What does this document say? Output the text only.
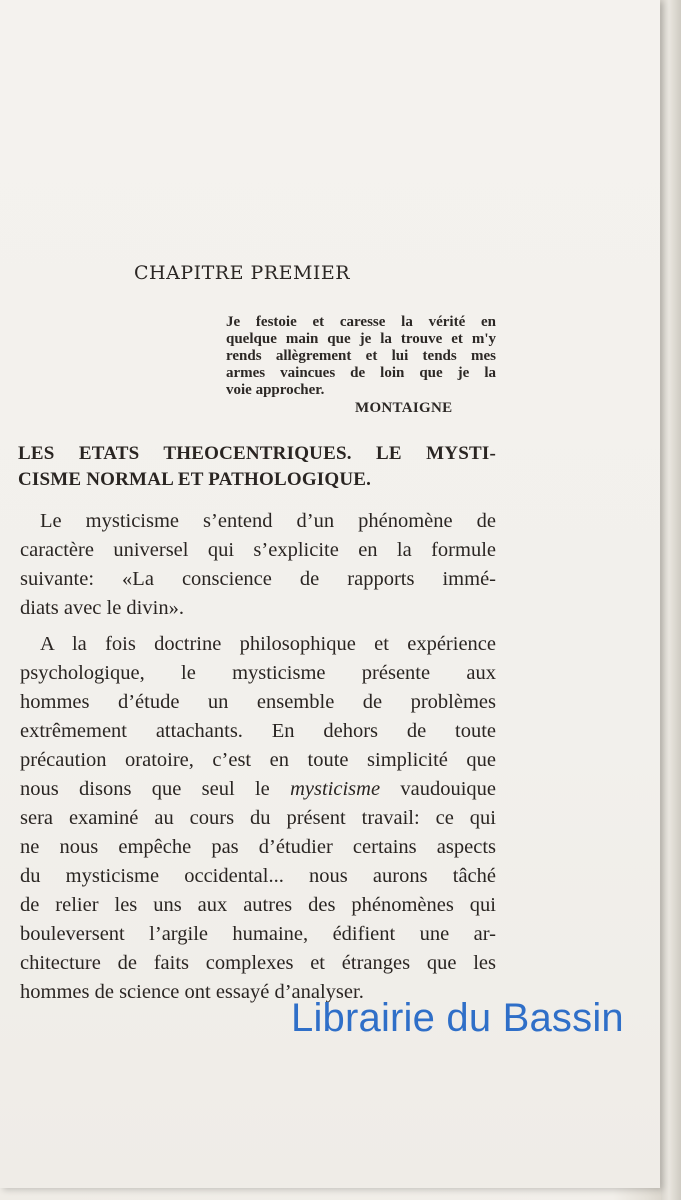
CHAPITRE PREMIER
Je festoie et caresse la vérité en
quelque main que je la trouve et m'y
rends allègrement et lui tends mes
armes vaincues de loin que je la
voie approcher.
MONTAIGNE
LES ETATS THEOCENTRIQUES. LE MYSTI-
CISME NORMAL ET PATHOLOGIQUE.
Le mysticisme s’entend d’un phénomène de
caractère universel qui s’explicite en la formule
suivante: «La conscience de rapports immé-
diats avec le divin».
A la fois doctrine philosophique et expérience
psychologique, le mysticisme présente aux
hommes d’étude un ensemble de problèmes
extrêmement attachants. En dehors de toute
précaution oratoire, c’est en toute simplicité que
nous disons que seul le mysticisme vaudouique
sera examiné au cours du présent travail: ce qui
ne nous empêche pas d’étudier certains aspects
du mysticisme occidental... nous aurons tâché
de relier les uns aux autres des phénomènes qui
bouleversent l’argile humaine, édifient une ar-
chitecture de faits complexes et étranges que les
hommes de science ont essayé d’analyser.
Librairie du Bassin
